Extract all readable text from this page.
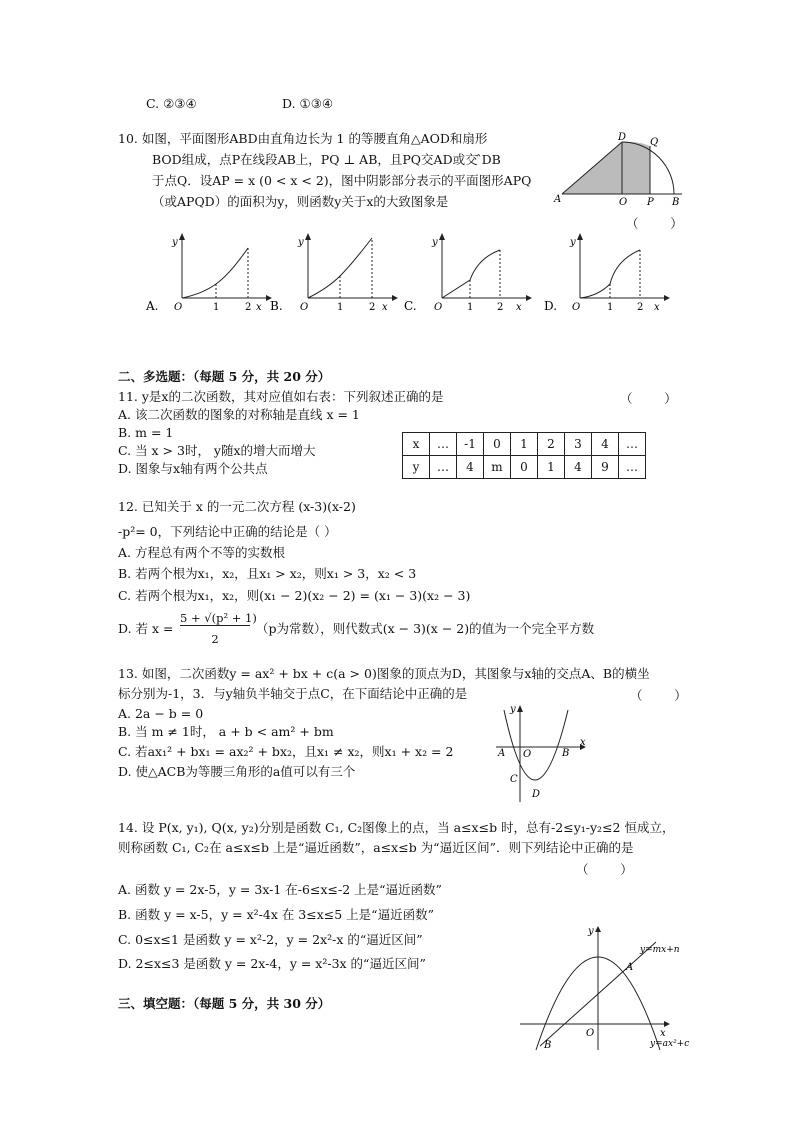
C. ②③④	D. ①③④
10. 如图，平面图形ABD由直角边长为 1 的等腰直角△AOD和扇形
BOD组成，点P在线段AB上，PQ ⊥ AB，且PQ交AD或交 ̂DB
于点Q．设AP = x (0 < x < 2)，图中阴影部分表示的平面图形APQ
（或APQD）的面积为y，则函数y关于x的大致图象是
（        ）
A	O P B
D Q
y
x
O	1	2
A.
y
x
O	1	2
B.
y
x
O 1 2
C.
y
x
O	1 2
D.
二、多选题：（每题 5 分，共 20 分）
11. y是x的二次函数，其对应值如右表：下列叙述正确的是	（        ）
A. 该二次函数的图象的对称轴是直线 x = 1
B. m = 1
C. 当 x > 3时， y随x的增大而增大
D. 图象与x轴有两个公共点
x	…	-1	0	1	2	3	4	…
y	…	4	m	0	1	4	9	…
12. 已知关于 x 的一元二次方程 (x-3)(x-2)
-p²= 0，下列结论中正确的结论是（ ）
A. 方程总有两个不等的实数根
B. 若两个根为x₁，x₂，且x₁ > x₂，则x₁ > 3，x₂ < 3
C. 若两个根为x₁，x₂，则(x₁ − 2)(x₂ − 2) = (x₁ − 3)(x₂ − 3)
D. 若 x =
5 + √(p² + 1)
2
（p为常数），则代数式(x − 3)(x − 2)的值为一个完全平方数
13. 如图，二次函数y = ax² + bx + c(a > 0)图象的顶点为D，其图象与x轴的交点A、B的横坐
标分别为-1，3．与y轴负半轴交于点C，在下面结论中正确的是	（        ）
A. 2a − b = 0
B. 当 m ≠ 1时， a + b < am² + bm
C. 若ax₁² + bx₁ = ax₂² + bx₂，且x₁ ≠ x₂，则x₁ + x₂ = 2
D. 使△ACB为等腰三角形的a值可以有三个
y
x
A O	B
C
D
14. 设 P(x, y₁), Q(x, y₂)分别是函数 C₁, C₂图像上的点，当 a≤x≤b 时，总有-2≤y₁-y₂≤2 恒成立，
则称函数 C₁, C₂在 a≤x≤b 上是“逼近函数”，a≤x≤b 为“逼近区间”．则下列结论中正确的是
（        ）
A. 函数 y = 2x-5，y = 3x-1 在-6≤x≤-2 上是“逼近函数”
B. 函数 y = x-5，y = x²-4x 在 3≤x≤5 上是“逼近函数”
C. 0≤x≤1 是函数 y = x²-2，y = 2x²-x 的“逼近区间”
D. 2≤x≤3 是函数 y = 2x-4，y = x²-3x 的“逼近区间”
y
x
O
A
B
y=mx+n
y=ax²+c
三、填空题：（每题 5 分，共 30 分）
